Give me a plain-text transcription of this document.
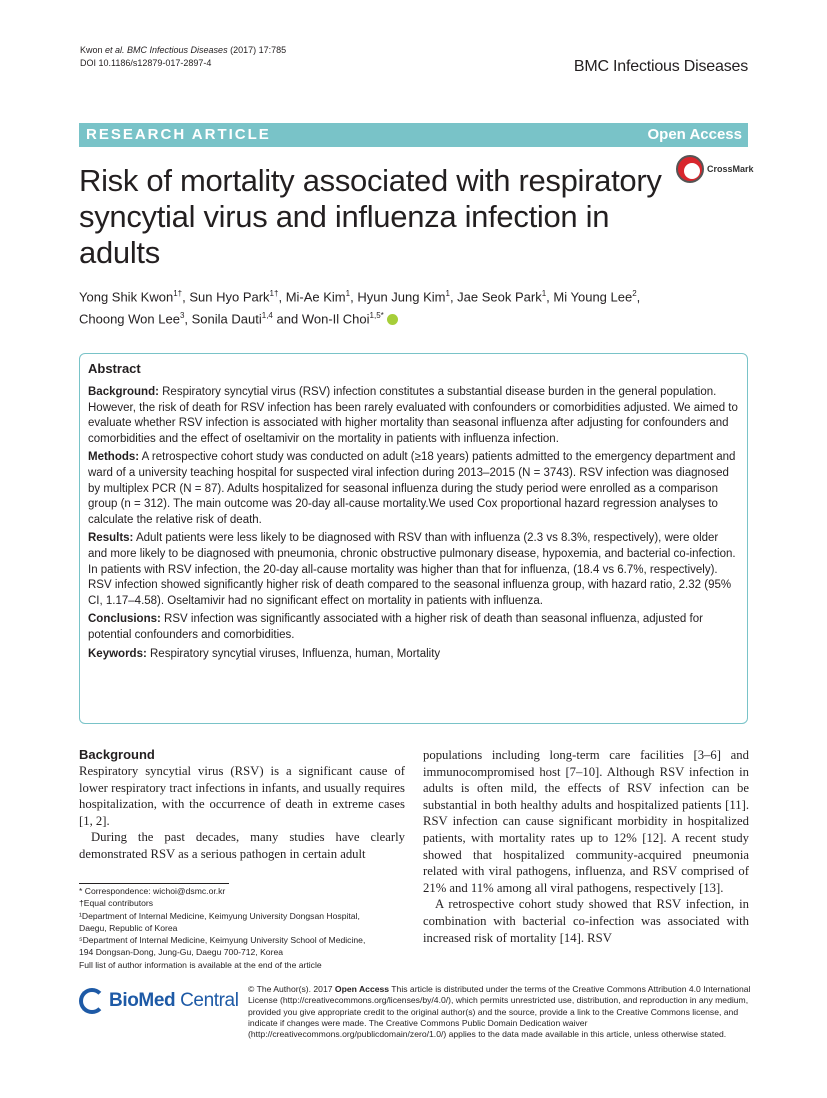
Kwon et al. BMC Infectious Diseases (2017) 17:785
DOI 10.1186/s12879-017-2897-4	BMC Infectious Diseases
RESEARCH ARTICLE	Open Access
Risk of mortality associated with respiratory syncytial virus and influenza infection in adults
CrossMark
Yong Shik Kwon$^{1\dagger}$, Sun Hyo Park$^{1\dagger}$, Mi-Ae Kim$^1$, Hyun Jung Kim$^1$, Jae Seok Park$^1$, Mi Young Lee$^2$,
Choong Won Lee$^3$, Sonila Dauti$^{1,4}$ and Won-Il Choi$^{1,5*}$
Abstract

Background: Respiratory syncytial virus (RSV) infection constitutes a substantial disease burden in the general population. However, the risk of death for RSV infection has been rarely evaluated with confounders or comorbidities adjusted. We aimed to evaluate whether RSV infection is associated with higher mortality than seasonal influenza after adjusting for confounders and comorbidities and the effect of oseltamivir on the mortality in patients with influenza infection.

Methods: A retrospective cohort study was conducted on adult (≥18 years) patients admitted to the emergency department and ward of a university teaching hospital for suspected viral infection during 2013–2015 (N = 3743). RSV infection was diagnosed by multiplex PCR (N = 87). Adults hospitalized for seasonal influenza during the study period were enrolled as a comparison group (n = 312). The main outcome was 20-day all-cause mortality.We used Cox proportional hazard regression analyses to calculate the relative risk of death.

Results: Adult patients were less likely to be diagnosed with RSV than with influenza (2.3 vs 8.3%, respectively), were older and more likely to be diagnosed with pneumonia, chronic obstructive pulmonary disease, hypoxemia, and bacterial co-infection. In patients with RSV infection, the 20-day all-cause mortality was higher than that for influenza, (18.4 vs 6.7%, respectively). RSV infection showed significantly higher risk of death compared to the seasonal influenza group, with hazard ratio, 2.32 (95% CI, 1.17–4.58). Oseltamivir had no significant effect on mortality in patients with influenza.

Conclusions: RSV infection was significantly associated with a higher risk of death than seasonal influenza, adjusted for potential confounders and comorbidities.

Keywords: Respiratory syncytial viruses, Influenza, human, Mortality

Background

Respiratory syncytial virus (RSV) is a significant cause of lower respiratory tract infections in infants, and usually requires hospitalization, with the occurrence of death in extreme cases [1, 2].

During the past decades, many studies have clearly demonstrated RSV as a serious pathogen in certain adult

populations including long-term care facilities [3–6] and immunocompromised host [7–10]. Although RSV infection in adults is often mild, the effects of RSV infection can be substantial in both healthy adults and hospitalized patients [11]. RSV infection can cause significant morbidity in hospitalized patients, with mortality rates up to 12% [12]. A recent study showed that hospitalized community-acquired pneumonia related with viral pathogens, influenza, and RSV comprised of 21% and 11% among all viral pathogens, respectively [13].

A retrospective cohort study showed that RSV infection, in combination with bacterial co-infection was associated with increased risk of mortality [14]. RSV

* Correspondence: wichoi@dsmc.or.kr

†Equal contributors

¹Department of Internal Medicine, Keimyung University Dongsan Hospital,

Daegu, Republic of Korea

⁵Department of Internal Medicine, Keimyung University School of Medicine,

194 Dongsan-Dong, Jung-Gu, Daegu 700-712, Korea

Full list of author information is available at the end of the article

BioMed Central
© The Author(s). 2017 Open Access This article is distributed under the terms of the Creative Commons Attribution 4.0 International License (http://creativecommons.org/licenses/by/4.0/), which permits unrestricted use, distribution, and reproduction in any medium, provided you give appropriate credit to the original author(s) and the source, provide a link to the Creative Commons license, and indicate if changes were made. The Creative Commons Public Domain Dedication waiver (http://creativecommons.org/publicdomain/zero/1.0/) applies to the data made available in this article, unless otherwise stated.
